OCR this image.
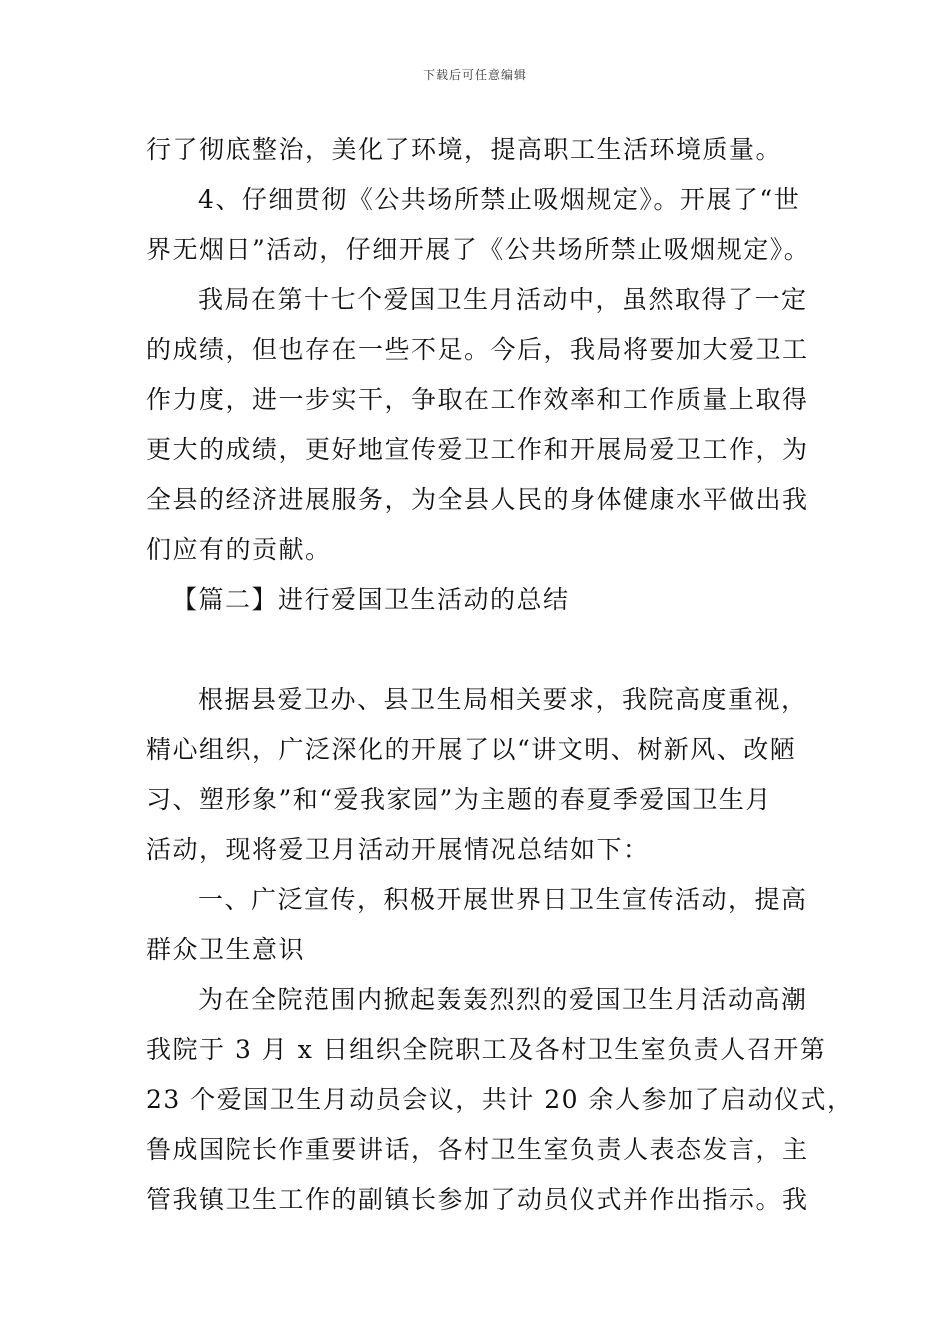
下载后可任意编辑
行了彻底整治，美化了环境，提高职工生活环境质量。
4、仔细贯彻《公共场所禁止吸烟规定》。开展了“世
界无烟日”活动，仔细开展了《公共场所禁止吸烟规定》。
我局在第十七个爱国卫生月活动中，虽然取得了一定
的成绩，但也存在一些不足。今后，我局将要加大爱卫工
作力度，进一步实干，争取在工作效率和工作质量上取得
更大的成绩，更好地宣传爱卫工作和开展局爱卫工作，为
全县的经济进展服务，为全县人民的身体健康水平做出我
们应有的贡献。
【篇二】进行爱国卫生活动的总结
根据县爱卫办、县卫生局相关要求，我院高度重视，
精心组织，广泛深化的开展了以“讲文明、树新风、改陋
习、塑形象”和“爱我家园”为主题的春夏季爱国卫生月
活动，现将爱卫月活动开展情况总结如下：
一、广泛宣传，积极开展世界日卫生宣传活动，提高
群众卫生意识
为在全院范围内掀起轰轰烈烈的爱国卫生月活动高潮
我院于 3 月 x 日组织全院职工及各村卫生室负责人召开第
23 个爱国卫生月动员会议，共计 20 余人参加了启动仪式，
鲁成国院长作重要讲话，各村卫生室负责人表态发言，主
管我镇卫生工作的副镇长参加了动员仪式并作出指示。我
